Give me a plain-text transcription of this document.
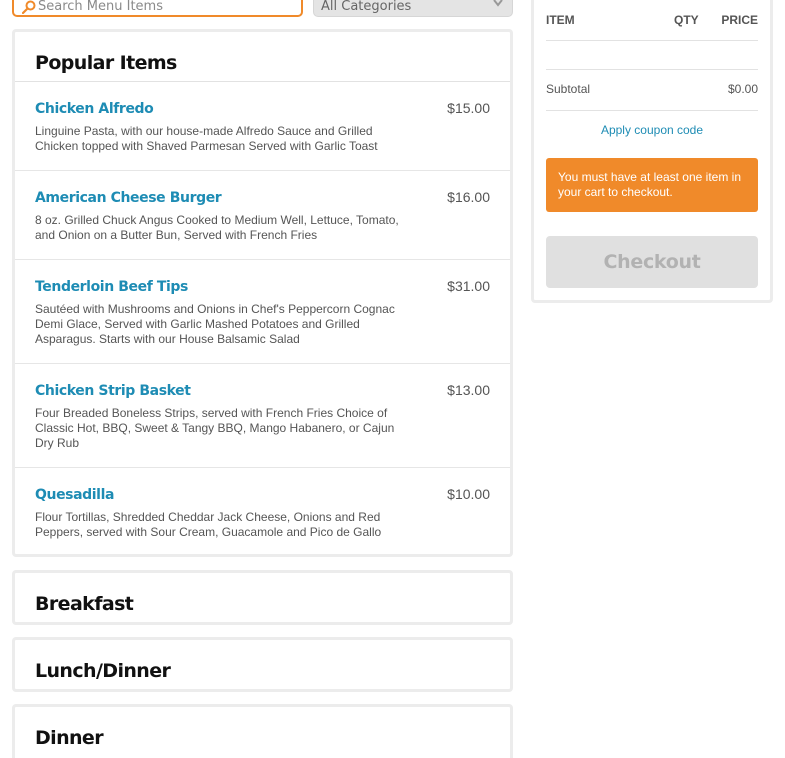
Search Menu Items
All Categories
Popular Items
Chicken Alfredo	$15.00
Linguine Pasta, with our house-made Alfredo Sauce and Grilled Chicken topped with Shaved Parmesan Served with Garlic Toast
American Cheese Burger	$16.00
8 oz. Grilled Chuck Angus Cooked to Medium Well, Lettuce, Tomato, and Onion on a Butter Bun, Served with French Fries
Tenderloin Beef Tips	$31.00
Sautéed with Mushrooms and Onions in Chef's Peppercorn Cognac Demi Glace, Served with Garlic Mashed Potatoes and Grilled Asparagus. Starts with our House Balsamic Salad
Chicken Strip Basket	$13.00
Four Breaded Boneless Strips, served with French Fries Choice of Classic Hot, BBQ, Sweet & Tangy BBQ, Mango Habanero, or Cajun Dry Rub
Quesadilla	$10.00
Flour Tortillas, Shredded Cheddar Jack Cheese, Onions and Red Peppers, served with Sour Cream, Guacamole and Pico de Gallo
Breakfast
Lunch/Dinner
Dinner
ITEM	QTY PRICE
Subtotal	$0.00
Apply coupon code
You must have at least one item in your cart to checkout.
Checkout
